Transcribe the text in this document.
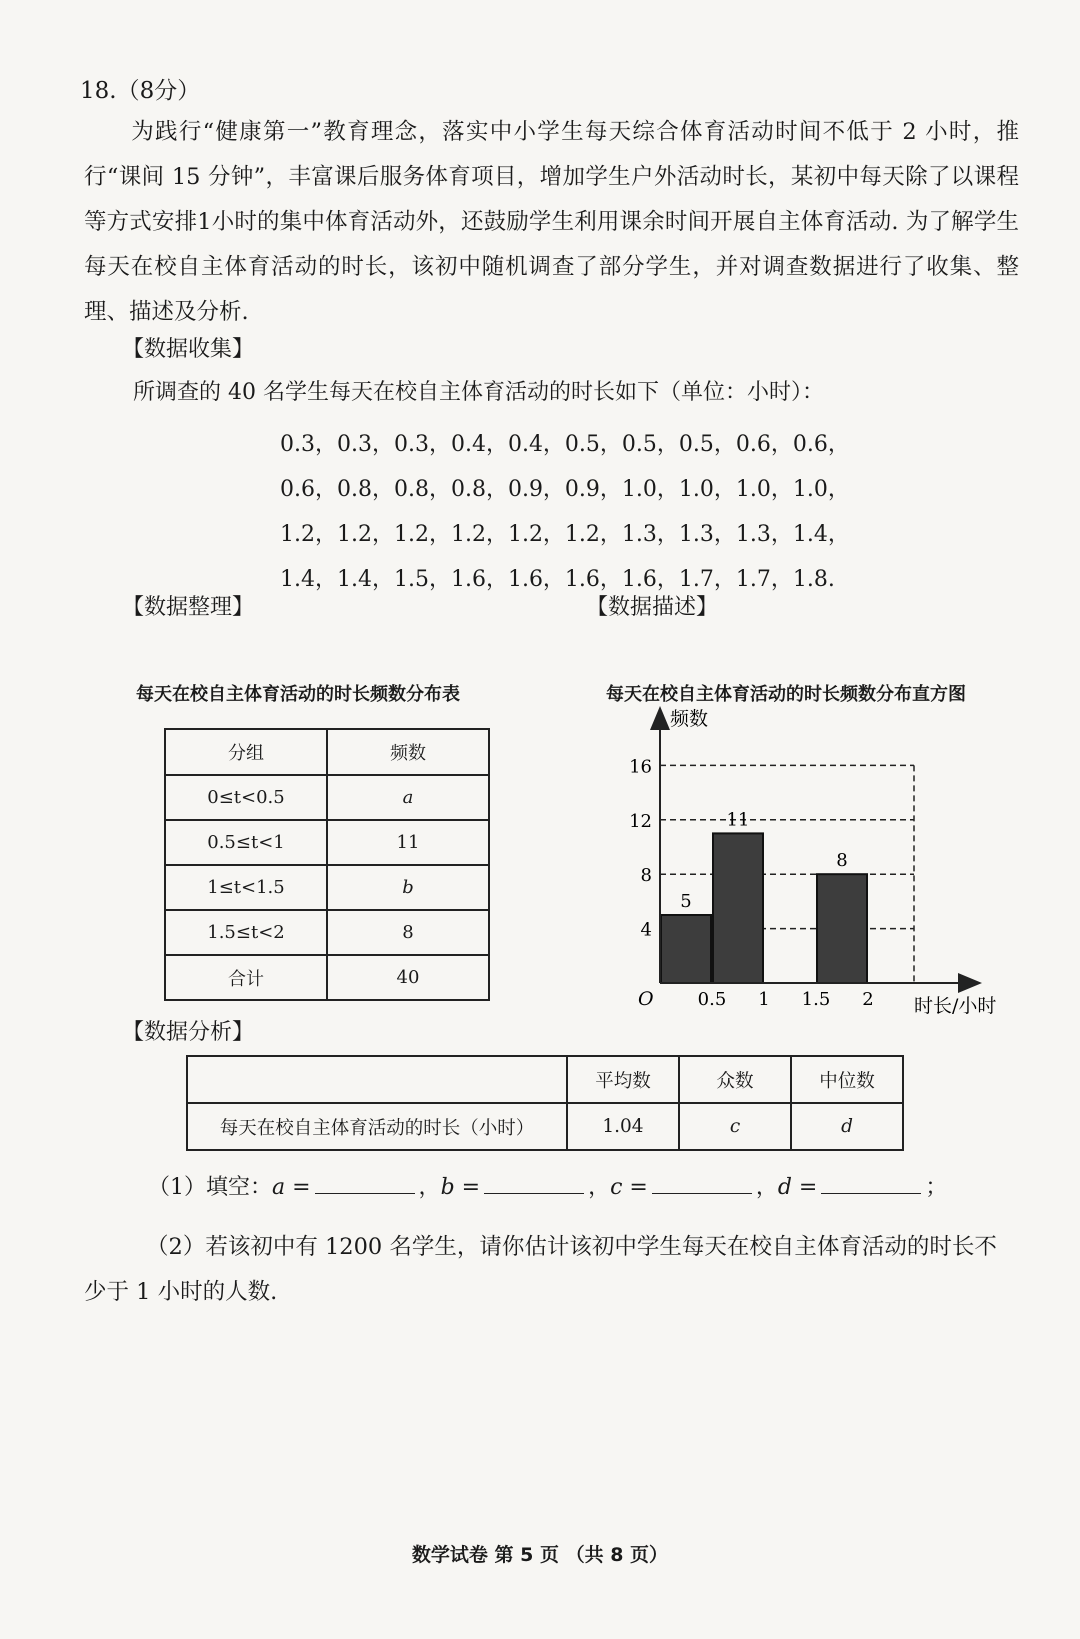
18.（8分）
为践行“健康第一”教育理念，落实中小学生每天综合体育活动时间不低于 2 小时，推行“课间 15 分钟”，丰富课后服务体育项目，增加学生户外活动时长，某初中每天除了以课程等方式安排1小时的集中体育活动外，还鼓励学生利用课余时间开展自主体育活动. 为了解学生每天在校自主体育活动的时长，该初中随机调查了部分学生，并对调查数据进行了收集、整理、描述及分析.
【数据收集】
所调查的 40 名学生每天在校自主体育活动的时长如下（单位：小时）：
0.3，0.3，0.3，0.4，0.4，0.5，0.5，0.5，0.6，0.6，
0.6，0.8，0.8，0.8，0.9，0.9，1.0，1.0，1.0，1.0，
1.2，1.2，1.2，1.2，1.2，1.2，1.3，1.3，1.3，1.4，
1.4，1.4，1.5，1.6，1.6，1.6，1.6，1.7，1.7，1.8.
【数据整理】	【数据描述】
每天在校自主体育活动的时长频数分布表
分组	频数
0≤t<0.5	a
0.5≤t<1	11
1≤t<1.5	b
1.5≤t<2	8
合计	40
每天在校自主体育活动的时长频数分布直方图
5
11
8
频数
时长/小时
O
4
8
12
16
0.5 1 1.5 2
【数据分析】
	平均数	众数	中位数
每天在校自主体育活动的时长（小时）	1.04	c	d
（1）填空：a =	，b =	，c =	，d =	；
（2）若该初中有 1200 名学生，请你估计该初中学生每天在校自主体育活动的时长不少于 1 小时的人数.
数学试卷 第 5 页 （共 8 页）
